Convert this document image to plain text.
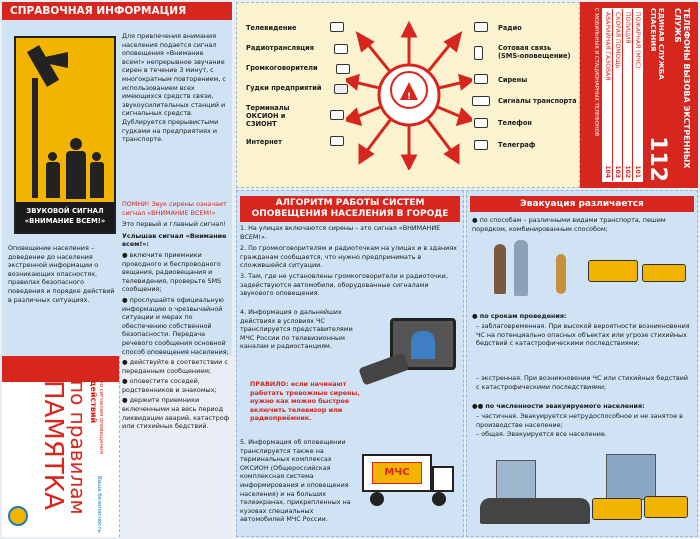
СПРАВОЧНАЯ ИНФОРМАЦИЯ
ЗВУКОВОЙ СИГНАЛ «ВНИМАНИЕ ВСЕМ!»
Оповещение населения – доведение до населения экстренной информации о возникающих опасностях, правилах безопасного поведения и порядке действий в различных ситуациях.
Для привлечения внимания населения подается сигнал оповещения «Внимание всем!» непрерывное звучание сирен в течение 3 минут, с многократным повторением, с использованием всех имеющихся средств связи, звукоусилительных станций и сигнальных средств. Дублируется прерывистыми гудками на предприятиях и транспорте.
ПОМНИ! Звук сирены означает сигнал «ВНИМАНИЕ ВСЕМ!»
Это первый и главный сигнал!
Услышав сигнал «Внимание всем!»:
● включите приемники проводного и беспроводного вещания, радиовещания и телевидения, проверьте SMS сообщения;
● прослушайте официальную информацию о чрезвычайной ситуации и мерах по обеспечению собственной безопасности. Передача речевого сообщения основной способ оповещения населения;
● действуйте в соответствии с переданным сообщением;
● оповестите соседей, родственников и знакомых;
● держите приемники включенными на весь период ликвидации аварий, катастроф или стихийных бедствий.
по сигналам оповещения
действий
по правилам
ПАМЯТКА	Ваша безопасность
Телевидение
Радиотрансляция
Громкоговорители
Гудки предприятий
Терминалы ОКСИОН и СЗИОНТ
Интернет
Радио
Сотовая связь (SMS-оповещение)
Сирены
Сигналы транспорта
Телефон
Телеграф
!	ТЕЛЕФОНЫ ВЫЗОВА ЭКСТРЕННЫХ СЛУЖБ
ЕДИНАЯ СЛУЖБА СПАСЕНИЯ
112
ПОЖАРНАЯ (МЧС)
101
ПОЛИЦИЯ
102
СКОРАЯ ПОМОЩЬ
103
АВАРИЙНАЯ ГАЗОВАЯ
104
С МОБИЛЬНЫХ И СТАЦИОНАРНЫХ ТЕЛЕФОНОВ
АЛГОРИТМ РАБОТЫ СИСТЕМ ОПОВЕЩЕНИЯ НАСЕЛЕНИЯ В ГОРОДЕ
1. На улицах включаются сирены – это сигнал «ВНИМАНИЕ ВСЕМ!».
2. По громкоговорителям и радиоточкам на улицах и в зданиях гражданам сообщается, что нужно предпринимать в сложившейся ситуации.
3. Там, где не установлены громкоговорители и радиоточки, задействуются автомобили, оборудованные сигналами звукового оповещения.
4. Информация о дальнейших действиях в условиях ЧС транслируется представителями МЧС России по телевизионным каналам и радиостанциям.
ПРАВИЛО: если начинают работать тревожные сирены, нужно как можно быстрее включить телевизор или радиоприёмник.
5. Информация об оповещении транслируется также на терминальных комплексах ОКСИОН (Общероссийская комплексная система информирования и оповещения населения) и на больших телеэкранах, прикрепленных на кузовах специальных автомобилей МЧС России.
МЧС
Эвакуация различается
● по способам – различными видами транспорта, пешим порядком, комбинированным способом;
● по срокам проведения:
– заблаговременная. При высокой вероятности возникновения ЧС на потенциально опасных объектах или угрозе стихийных бедствий с катастрофическими последствиями;
– экстренная. При возникновении ЧС или стихийных бедствий с катастрофическими последствиями;
●● по численности эвакуируемого населения:
– частичная. Эвакуируется нетрудоспособное и не занятое в производстве население;
– общая. Эвакуируется все население.
